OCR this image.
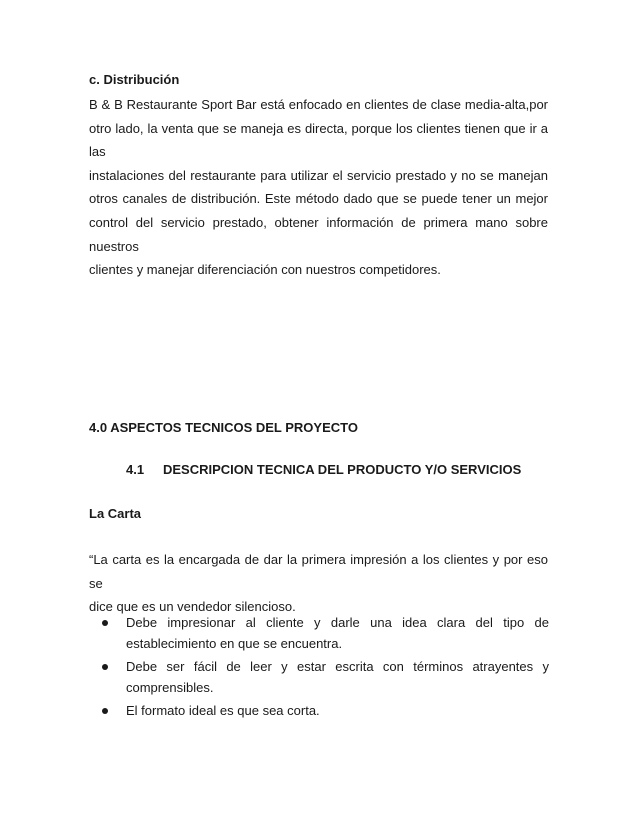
c. Distribución
B & B Restaurante Sport Bar está enfocado en clientes de clase media-alta,por
otro lado, la venta que se maneja es directa, porque los clientes tienen que ir a las
instalaciones del restaurante para utilizar el servicio prestado y no se manejan
otros canales de distribución. Este método dado que se puede tener un mejor
control del servicio prestado, obtener información de primera mano sobre nuestros
clientes y manejar diferenciación con nuestros competidores.
4.0 ASPECTOS TECNICOS DEL PROYECTO
4.1 DESCRIPCION TECNICA DEL PRODUCTO Y/O SERVICIOS
La Carta
“La carta es la encargada de dar la primera impresión a los clientes y por eso se
dice que es un vendedor silencioso.
Debe impresionar al cliente y darle una idea clara del tipo de
establecimiento en que se encuentra.
Debe ser fácil de leer y estar escrita con términos atrayentes y
comprensibles.
El formato ideal es que sea corta.
